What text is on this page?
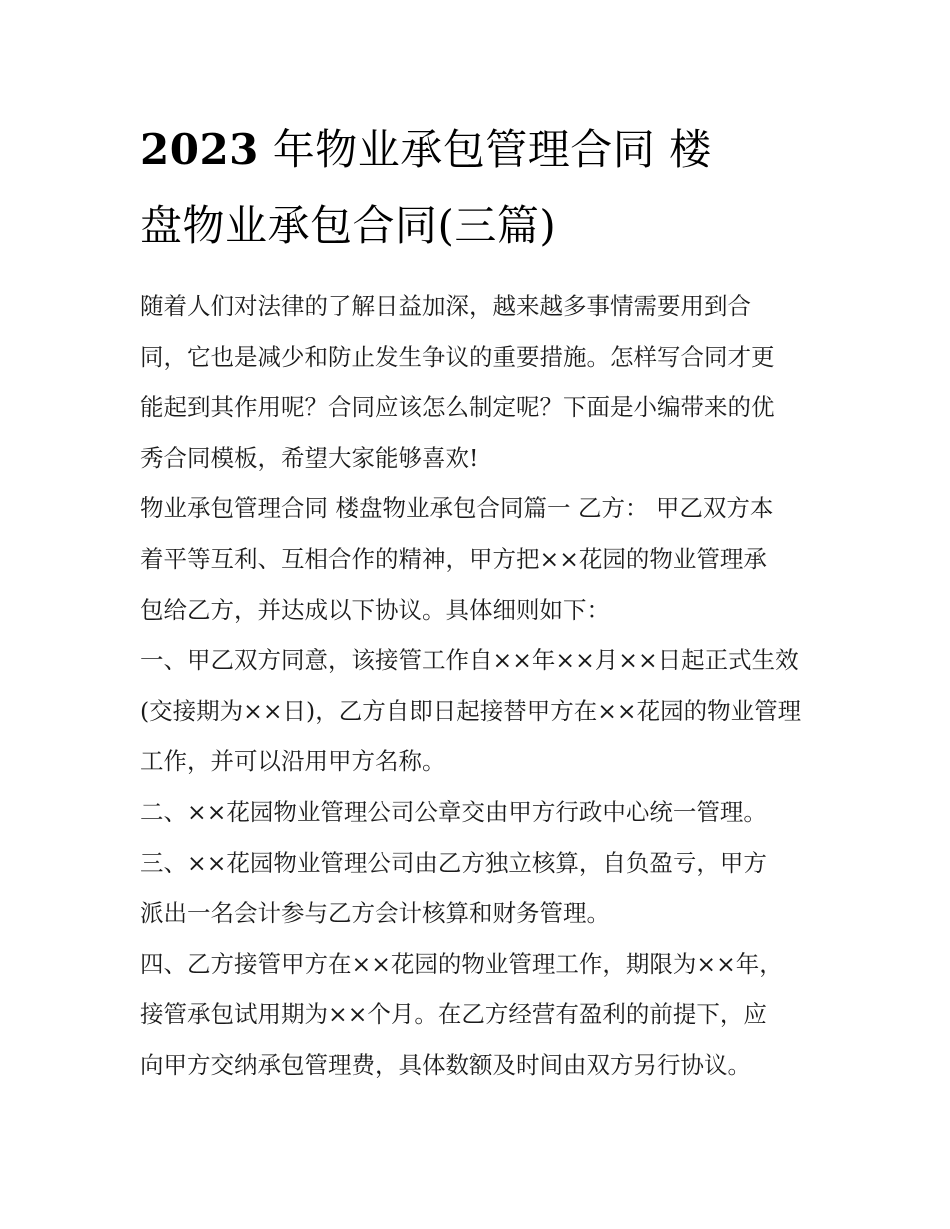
2023 年物业承包管理合同 楼
盘物业承包合同(三篇)
随着人们对法律的了解日益加深，越来越多事情需要用到合
同，它也是减少和防止发生争议的重要措施。怎样写合同才更
能起到其作用呢？合同应该怎么制定呢？下面是小编带来的优
秀合同模板，希望大家能够喜欢!
物业承包管理合同 楼盘物业承包合同篇一 乙方： 甲乙双方本
着平等互利、互相合作的精神，甲方把××花园的物业管理承
包给乙方，并达成以下协议。具体细则如下：
一、甲乙双方同意，该接管工作自××年××月××日起正式生效
(交接期为××日)，乙方自即日起接替甲方在××花园的物业管理
工作，并可以沿用甲方名称。
二、××花园物业管理公司公章交由甲方行政中心统一管理。
三、××花园物业管理公司由乙方独立核算，自负盈亏，甲方
派出一名会计参与乙方会计核算和财务管理。
四、乙方接管甲方在××花园的物业管理工作，期限为××年，
接管承包试用期为××个月。在乙方经营有盈利的前提下，应
向甲方交纳承包管理费，具体数额及时间由双方另行协议。
